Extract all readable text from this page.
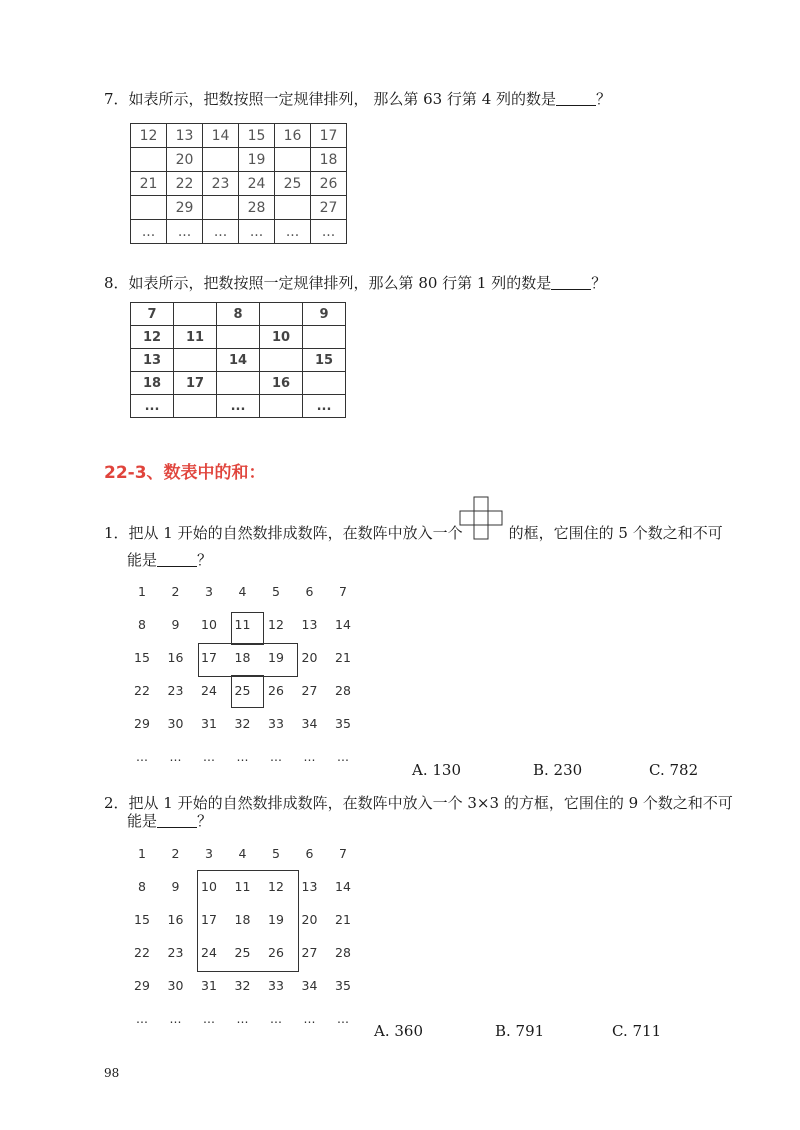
7．如表所示，把数按照一定规律排列， 那么第 63 行第 4 列的数是	？
12	13	14	15	16	17
	20		19		18
21	22	23	24	25	26
	29		28		27
...	...	...	...	...	...
8．如表所示，把数按照一定规律排列，那么第 80 行第 1 列的数是	？
7		8		9
12	11		10	
13		14		15
18	17		16	
...		...		...
22-3、数表中的和：
1．把从 1 开始的自然数排成数阵，在数阵中放入一个	的框，它围住的 5 个数之和不可
能是	？
1	2	3	4	5	6	7
8	9	10	11	12	13	14
15	16	17	18	19	20	21
22	23	24	25	26	27	28
29	30	31	32	33	34	35
...	...	...	...	...	...	...
A. 130	B. 230	C. 782
2．把从 1 开始的自然数排成数阵，在数阵中放入一个 3×3 的方框，它围住的 9 个数之和不可
能是	？
1	2	3	4	5	6	7
8	9	10	11	12	13	14
15	16	17	18	19	20	21
22	23	24	25	26	27	28
29	30	31	32	33	34	35
...	...	...	...	...	...	...
A. 360	B. 791	C. 711
98
